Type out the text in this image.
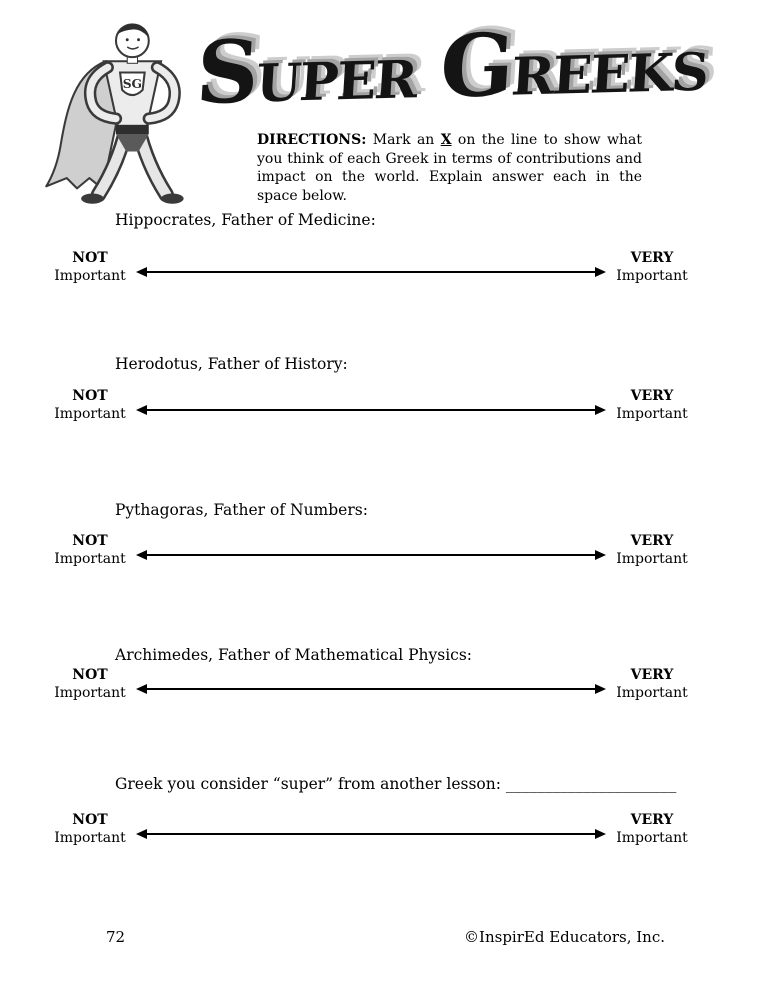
SG SUPER GREEKS

DIRECTIONS: Mark an X on the line to show what you think of each Greek in terms of contributions and impact on the world. Explain answer each in the space below.

Hippocrates, Father of Medicine:
NOT
Important
VERY
Important
Herodotus, Father of History:
NOT
Important
VERY
Important
Pythagoras, Father of Numbers:
NOT
Important
VERY
Important
Archimedes, Father of Mathematical Physics:
NOT
Important
VERY
Important
Greek you consider “super” from another lesson: ______________________
NOT
Important
VERY
Important
72	©InspirEd Educators, Inc.
